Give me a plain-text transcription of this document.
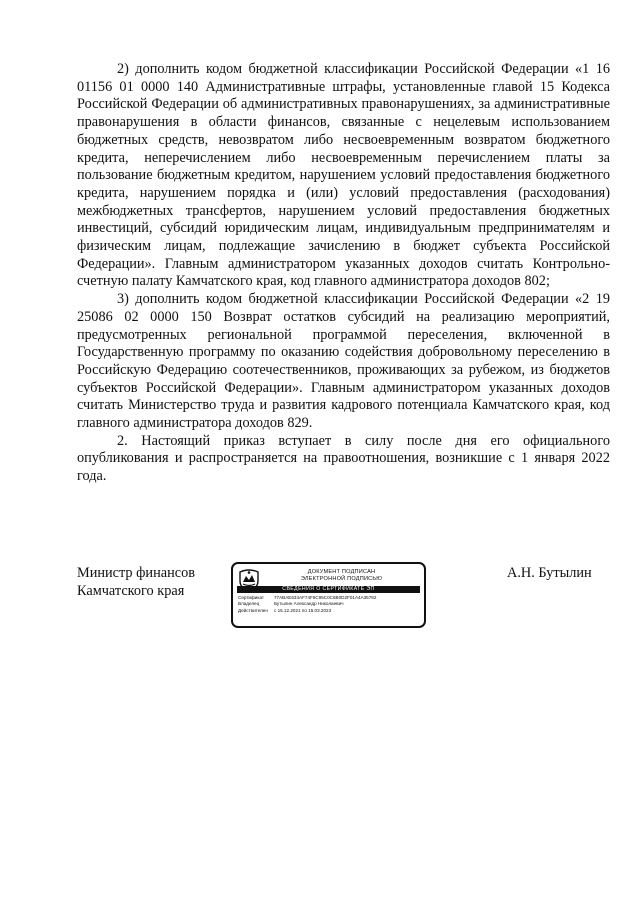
2) дополнить кодом бюджетной классификации Российской Федерации «1 16 01156 01 0000 140 Административные штрафы, установленные главой 15 Кодекса Российской Федерации об административных правонарушениях, за административные правонарушения в области финансов, связанные с нецелевым использованием бюджетных средств, невозвратом либо несвоевременным возвратом бюджетного кредита, неперечислением либо несвоевременным перечислением платы за пользование бюджетным кредитом, нарушением условий предоставления бюджетного кредита, нарушением порядка и (или) условий предоставления (расходования) межбюджетных трансфертов, нарушением условий предоставления бюджетных инвестиций, субсидий юридическим лицам, индивидуальным предпринимателям и физическим лицам, подлежащие зачислению в бюджет субъекта Российской Федерации». Главным администратором указанных доходов считать Контрольно-счетную палату Камчатского края, код главного администратора доходов 802;

3) дополнить кодом бюджетной классификации Российской Федерации «2 19 25086 02 0000 150 Возврат остатков субсидий на реализацию мероприятий, предусмотренных региональной программой переселения, включенной в Государственную программу по оказанию содействия добровольному переселению в Российскую Федерацию соотечественников, проживающих за рубежом, из бюджетов субъектов Российской Федерации». Главным администратором указанных доходов считать Министерство труда и развития кадрового потенциала Камчатского края, код главного администратора доходов 829.

2. Настоящий приказ вступает в силу после дня его официального опубликования и распространяется на правоотношения, возникшие с 1 января 2022 года.

Министр финансов
Камчатского края
ДОКУМЕНТ ПОДПИСАН
ЭЛЕКТРОННОЙ ПОДПИСЬЮ
СВЕДЕНИЯ О СЕРТИФИКАТЕ ЭП
Сертификат	77ABAE634AF74F8C95C0C6B0D2F01A4A35782
Владелец	Бутылин Александр Николаевич
Действителен	с 15.12.2021 по 15.03.2023
А.Н. Бутылин
